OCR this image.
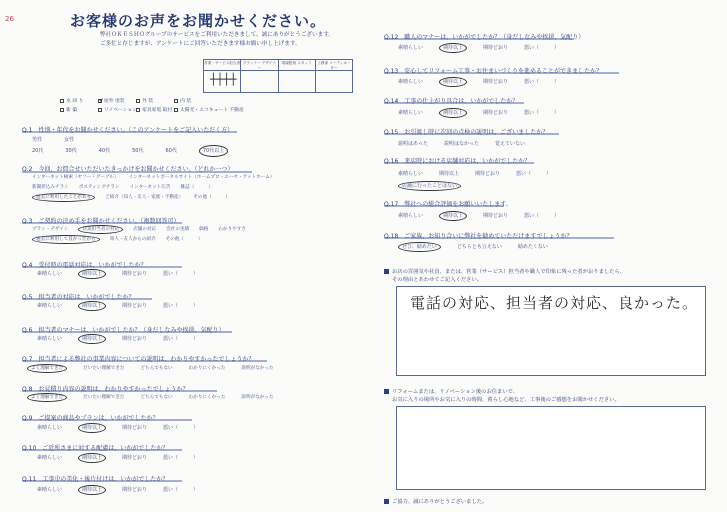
26	お客様のお声をお聞かせください。
弊社ＯＫＥＳＨＯグループのサービスをご利用いただきまして、誠にありがとうございます。
ご多忙と存じますが、アンケートにご回答いただきます様お願い申し上げます。
営業・サービス担当者
┼┼┼┼
プランナー デザイナー
現場監督 スタッフ	工務部 コーディネーター
水 回 り
✓	屋外 塗装	外 装	内 装
新 築	リノベーション	家具家電 取付	太陽光・エコキュート 不動産
Q.1　性別・年代をお聞かせください。（このアンケートをご記入いただく方）
男性	女性
20代	30代	40代	50代	60代	70代以上
Q.2　今回、お問合せいただいたきっかけをお聞かせください。（どれか一つ）
インターネット検索（ヤフー・グーグル） インターネットポータルサイト（ホームプロ・エーセ・アットホーム）
新聞折込みチラシ ポスティングチラシ インターネット広告 雑誌（　　　）
過去に利用したことがある	ご紹介（知人・友人・家族・不動産） その他（　　　）
Q.3　ご契約の決め手をお聞かせください。（複数回答可）
プラン・デザイン	営業担当者の対応	店舗の対応 会社の実績 価格 わかりやすさ
過去に利用して良かったから	知人・友人からの紹介 その他（　　　）
Q.4　受付時の電話対応は、いかがでしたか？
素晴らしい	期待以上	期待どおり	悪い（　　　）
Q.5　担当者の対応は、いかがでしたか？
素晴らしい	期待以上	期待どおり	悪い（　　　）
Q.6　担当者のマナーは、いかがでしたか？（身だしなみや挨拶、気配り）
素晴らしい	期待以上	期待どおり	悪い（　　　）
Q.7　担当者による弊社の事業内容についての説明は、わかりやすかったでしょうか？
よく理解できた	だいたい理解できた	どちらでもない	わかりにくかった	説明がなかった
Q.8　お見積り内容の説明は、わかりやすかったでしょうか？
よく理解できた	だいたい理解できた	どちらでもない	わかりにくかった	説明がなかった
Q.9　ご提案の商品やプランは、いかがでしたか？
素晴らしい	期待以上	期待どおり	悪い（　　　）
Q.10　ご近所さまに対する配慮は、いかがでしたか？
素晴らしい	期待以上	期待どおり	悪い（　　　）
Q.11　工事中の美化・後片付けは、いかがでしたか？
素晴らしい	期待以上	期待どおり	悪い（　　　）
Q.12　職人のマナーは、いかがでしたか？（身だしなみや挨拶、気配り）
素晴らしい	期待以上	期待どおり	悪い（　　　）
Q.13　安心してリフォーム工事・お住まいづくりを進めることができましたか？
素晴らしい	期待以上	期待どおり	悪い（　　　）
Q.14　工事の仕上がり具合は、いかがでしたか？
素晴らしい	期待以上	期待どおり	悪い（　　　）
Q.15　お引渡し時に次回の点検の説明は、ございましたか？
説明はあった	説明はなかった	覚えていない
Q.16　来店時における店舗対応は、いかがでしたか？
素晴らしい	期待以上	期待どおり	悪い（　　　）
店舗に行ったことはない
Q.17　弊社への総合評価をお願いいたします。
素晴らしい	期待以上	期待どおり	悪い（　　　）
Q.18　ご家族、お知り合いに弊社を勧めていただけますでしょうか？
ぜひ、勧めたい	どちらとも言えない	勧めたくない
お店の雰囲気や社員、または、営業（サービス）担当者や職人で印象に残った者がおりましたら、
その理由とあわせてご記入ください。
電話の対応、担当者の対応、良かった。
リフォームまたは、リノベーション後のお住まいで、
お気に入りの場所やお気に入りの時間、暮らし心地など、工事後のご感想をお聞かせください。
ご協力、誠にありがとうございました。
